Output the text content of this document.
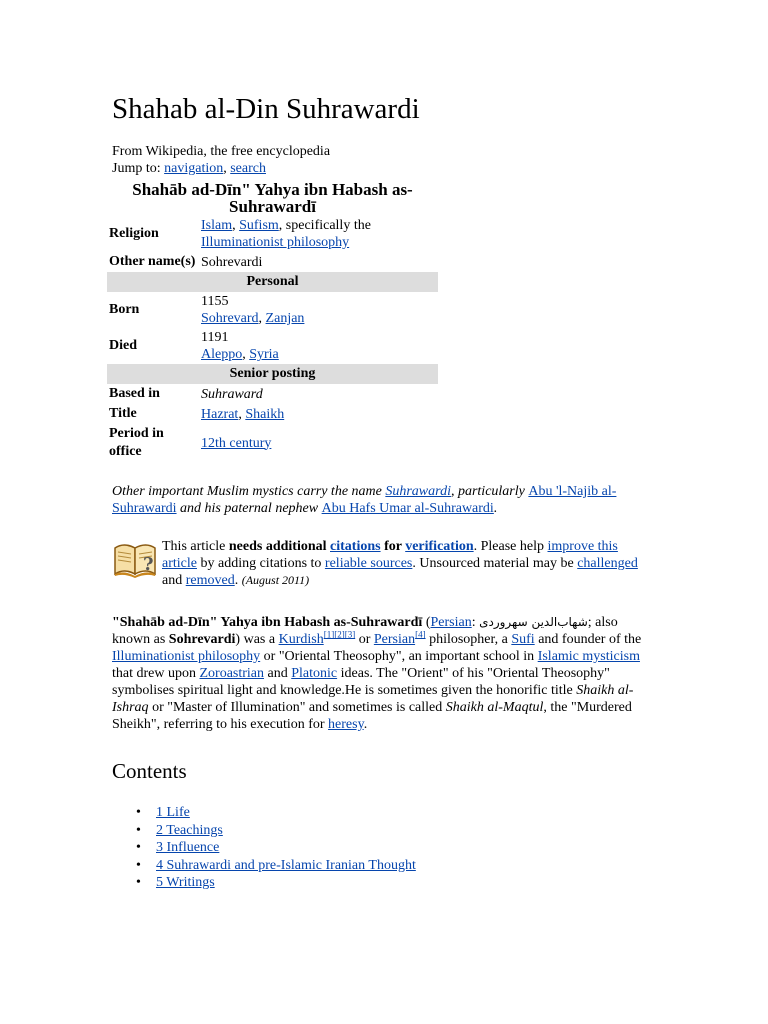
Shahab al-Din Suhrawardi
From Wikipedia, the free encyclopedia
Jump to: navigation, search
Shahāb ad-Dīn" Yahya ibn Habash as-Suhrawardī	
Religion	Islam, Sufism, specifically the Illuminationist philosophy
Other name(s)	Sohrevardi
Personal	
Born	1155
Sohrevard, Zanjan
Died	1191
Aleppo, Syria
Senior posting	
Based in	Suhraward
Title	Hazrat, Shaikh
Period in office	12th century
Other important Muslim mystics carry the name Suhrawardi, particularly Abu 'l-Najib al-Suhrawardi and his paternal nephew Abu Hafs Umar al-Suhrawardi.
?
This article needs additional citations for verification. Please help improve this article by adding citations to reliable sources. Unsourced material may be challenged and removed. (August 2011)

"Shahāb ad-Dīn" Yahya ibn Habash as-Suhrawardī (Persian: شهاب‌الدین سهروردی; also known as Sohrevardi) was a Kurdish[1][2][3] or Persian[4] philosopher, a Sufi and founder of the Illuminationist philosophy or "Oriental Theosophy", an important school in Islamic mysticism that drew upon Zoroastrian and Platonic ideas. The "Orient" of his "Oriental Theosophy" symbolises spiritual light and knowledge.He is sometimes given the honorific title Shaikh al-Ishraq or "Master of Illumination" and sometimes is called Shaikh al-Maqtul, the "Murdered Sheikh", referring to his execution for heresy.

Contents
• 1 Life
• 2 Teachings
• 3 Influence
• 4 Suhrawardi and pre-Islamic Iranian Thought
• 5 Writings
